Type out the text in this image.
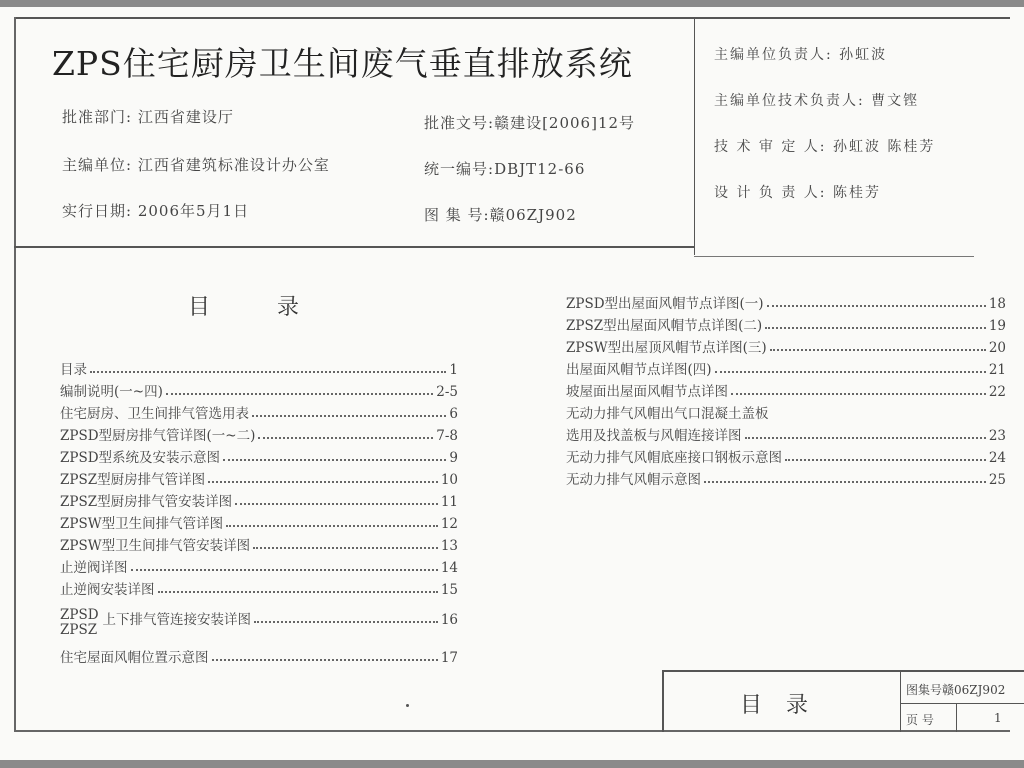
ZPS住宅厨房卫生间废气垂直排放系统
批准部门: 江西省建设厅
主编单位: 江西省建筑标准设计办公室
实行日期: 2006年5月1日
批准文号:赣建设[2006]12号
统一编号:DBJT12-66
图 集 号:赣06ZJ902
主编单位负责人: 孙虹波
主编单位技术负责人: 曹文铿
技 术 审 定 人: 孙虹波 陈桂芳
设 计 负 责 人: 陈桂芳
目 录
目录	1
编制说明(一~四)	2-5
住宅厨房、卫生间排气管选用表	6
ZPSD型厨房排气管详图(一~二)	7-8
ZPSD型系统及安装示意图	9
ZPSZ型厨房排气管详图	10
ZPSZ型厨房排气管安装详图	11
ZPSW型卫生间排气管详图	12
ZPSW型卫生间排气管安装详图	13
止逆阀详图	14
止逆阀安装详图	15
ZPSD
ZPSZ
上下排气管连接安装详图	16
住宅屋面风帽位置示意图	17
ZPSD型出屋面风帽节点详图(一)	18
ZPSZ型出屋面风帽节点详图(二)	19
ZPSW型出屋顶风帽节点详图(三)	20
出屋面风帽节点详图(四)	21
坡屋面出屋面风帽节点详图	22
无动力排气风帽出气口混凝土盖板
选用及找盖板与风帽连接详图	23
无动力排气风帽底座接口钢板示意图	24
无动力排气风帽示意图	25
目录
图集号赣06ZJ902
页 号	1
